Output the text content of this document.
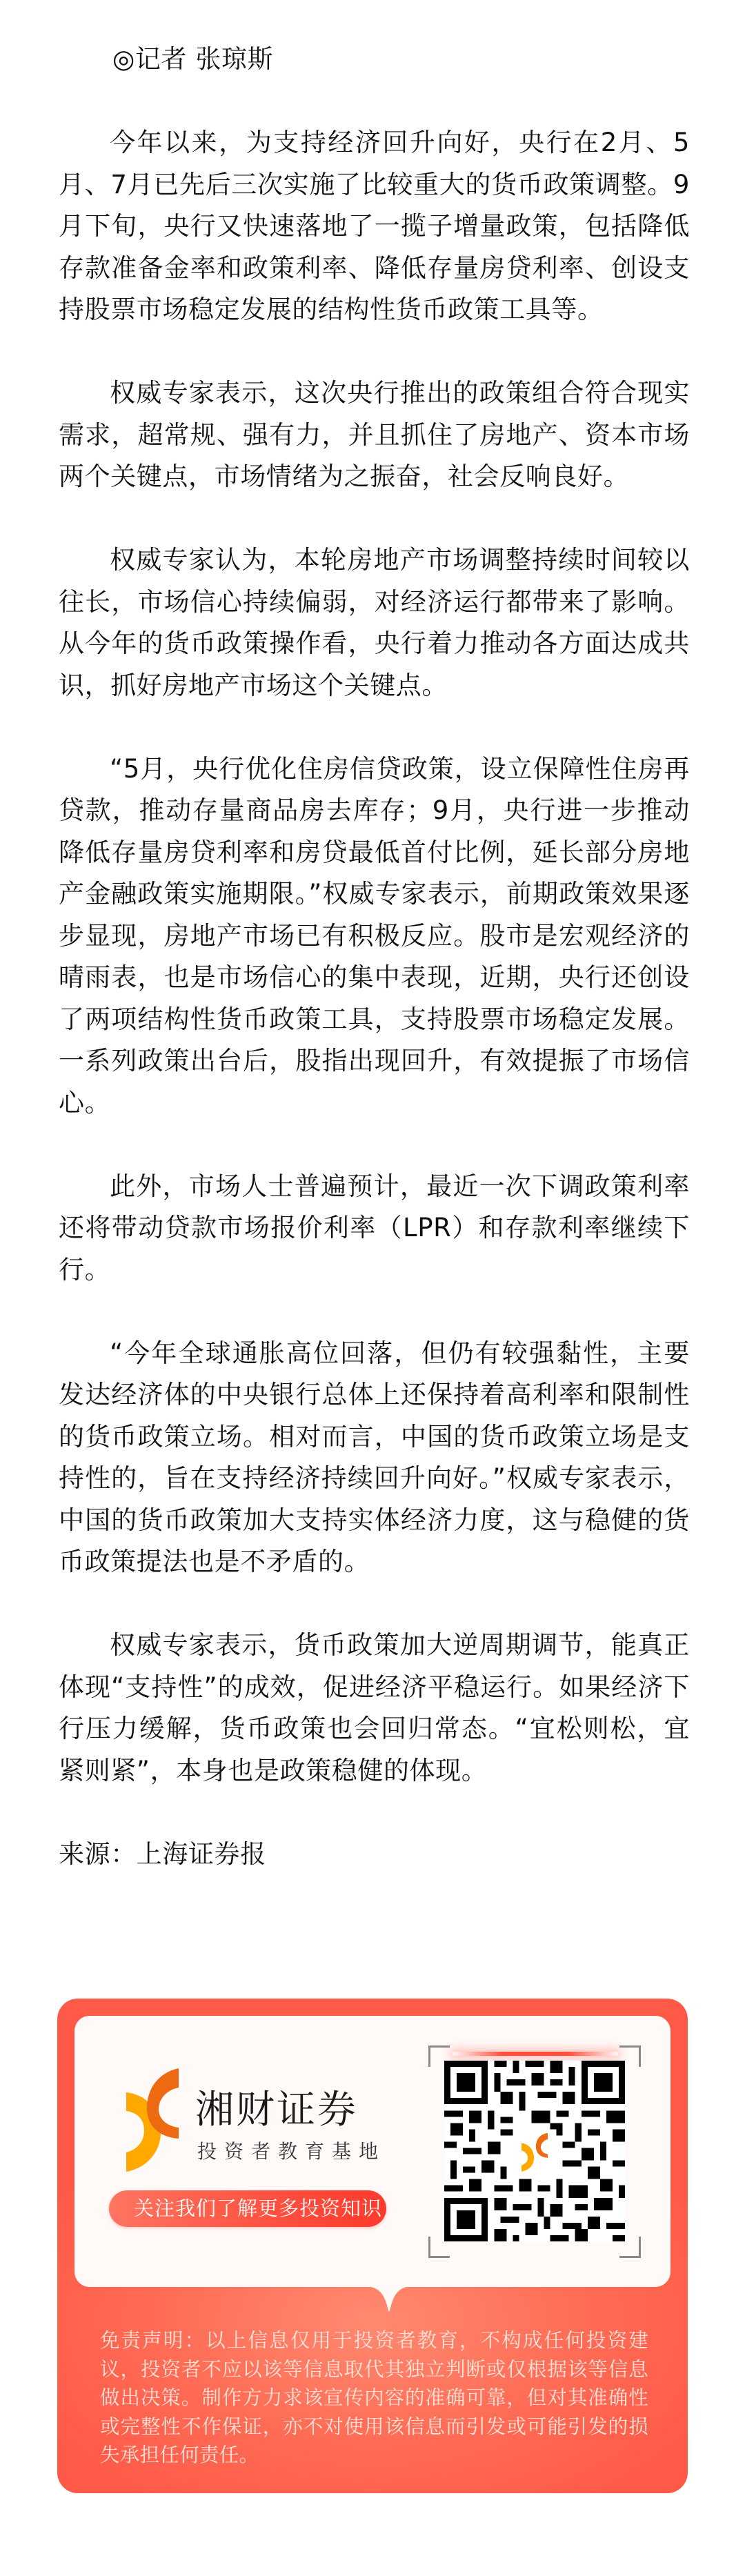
◎记者 张琼斯

今年以来，为支持经济回升向好，央行在2月、5月、7月已先后三次实施了比较重大的货币政策调整。9月下旬，央行又快速落地了一揽子增量政策，包括降低存款准备金率和政策利率、降低存量房贷利率、创设支持股票市场稳定发展的结构性货币政策工具等。

权威专家表示，这次央行推出的政策组合符合现实需求，超常规、强有力，并且抓住了房地产、资本市场两个关键点，市场情绪为之振奋，社会反响良好。

权威专家认为，本轮房地产市场调整持续时间较以往长，市场信心持续偏弱，对经济运行都带来了影响。从今年的货币政策操作看，央行着力推动各方面达成共识，抓好房地产市场这个关键点。

“5月，央行优化住房信贷政策，设立保障性住房再贷款，推动存量商品房去库存；9月，央行进一步推动降低存量房贷利率和房贷最低首付比例，延长部分房地产金融政策实施期限。”权威专家表示，前期政策效果逐步显现，房地产市场已有积极反应。股市是宏观经济的晴雨表，也是市场信心的集中表现，近期，央行还创设了两项结构性货币政策工具，支持股票市场稳定发展。一系列政策出台后，股指出现回升，有效提振了市场信心。

此外，市场人士普遍预计，最近一次下调政策利率还将带动贷款市场报价利率（LPR）和存款利率继续下行。

“今年全球通胀高位回落，但仍有较强黏性，主要发达经济体的中央银行总体上还保持着高利率和限制性的货币政策立场。相对而言，中国的货币政策立场是支持性的，旨在支持经济持续回升向好。”权威专家表示，中国的货币政策加大支持实体经济力度，这与稳健的货币政策提法也是不矛盾的。

权威专家表示，货币政策加大逆周期调节，能真正体现“支持性”的成效，促进经济平稳运行。如果经济下行压力缓解，货币政策也会回归常态。“宜松则松，宜紧则紧”，本身也是政策稳健的体现。

来源：上海证券报

湘财证券
投资者教育基地
关注我们了解更多投资知识

免责声明：以上信息仅用于投资者教育，不构成任何投资建议，投资者不应以该等信息取代其独立判断或仅根据该等信息做出决策。制作方力求该宣传内容的准确可靠，但对其准确性或完整性不作保证，亦不对使用该信息而引发或可能引发的损失承担任何责任。
